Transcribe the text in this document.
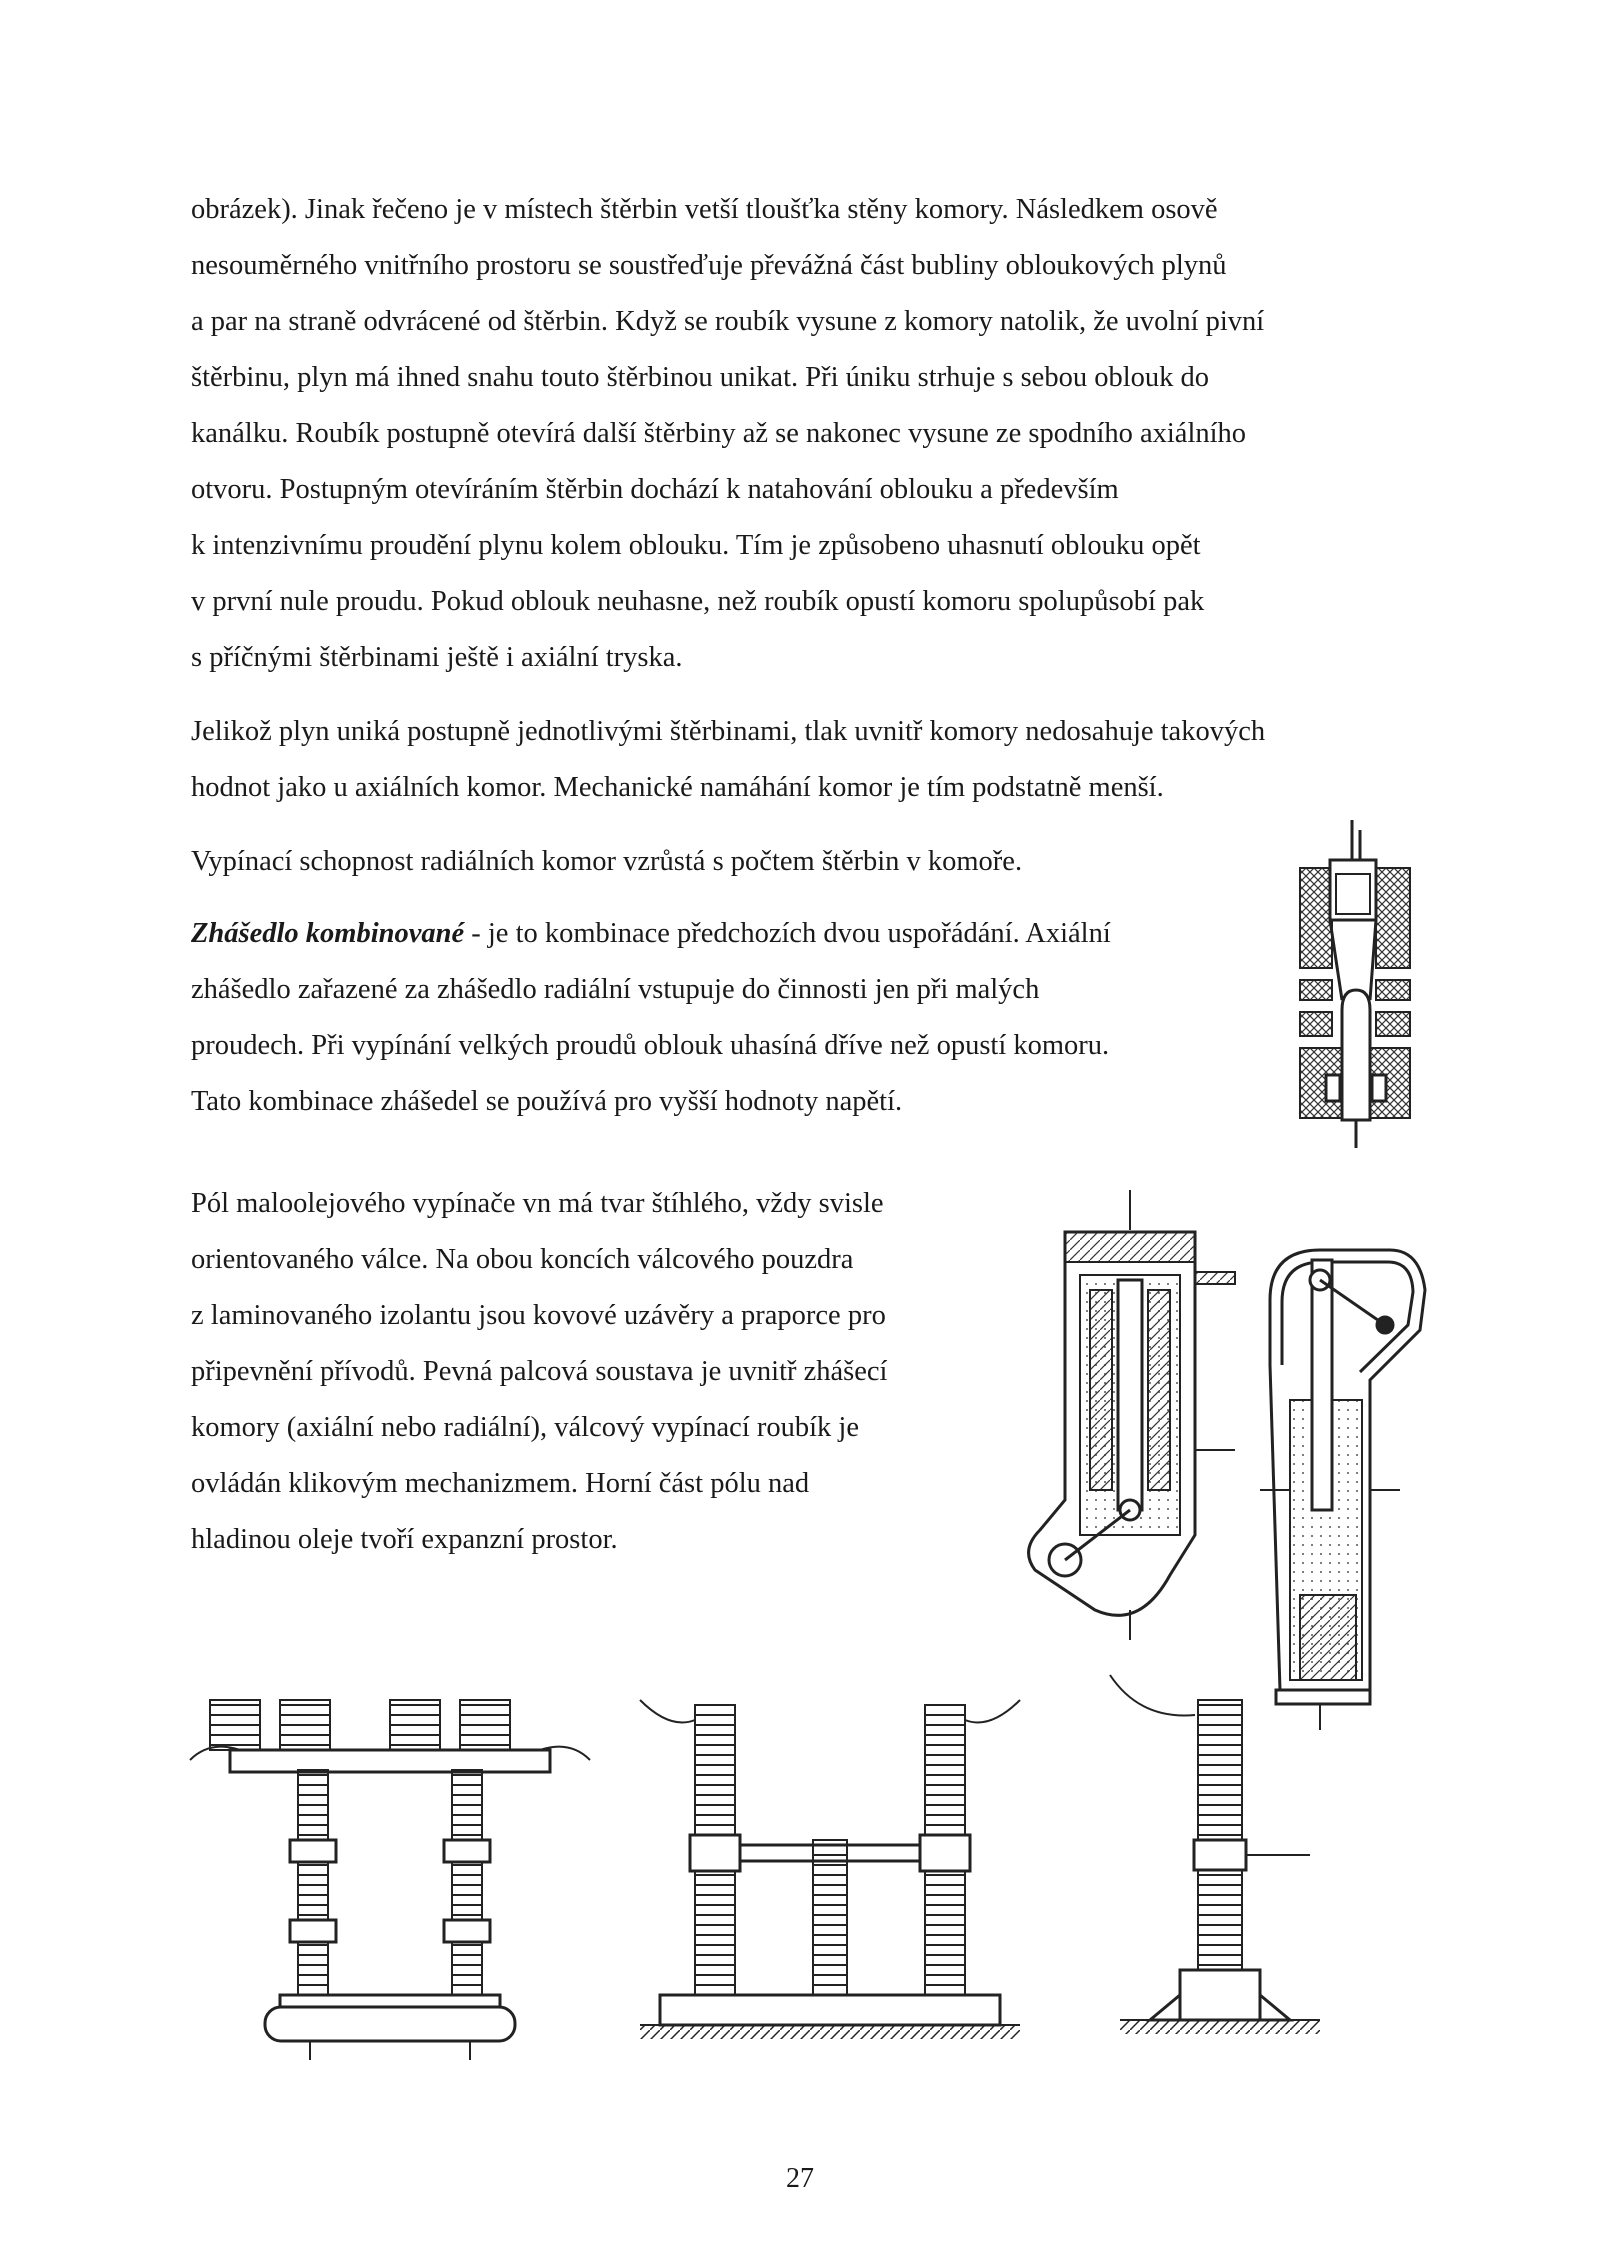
obrázek). Jinak řečeno je v místech štěrbin vetší tloušťka stěny komory. Následkem osově
nesouměrného vnitřního prostoru se soustřeďuje převážná část bubliny obloukových plynů
a par na straně odvrácené od štěrbin. Když se roubík vysune z komory natolik, že uvolní pivní
štěrbinu, plyn má ihned snahu touto štěrbinou unikat. Při úniku strhuje s sebou oblouk do
kanálku. Roubík postupně otevírá další štěrbiny až se nakonec vysune ze spodního axiálního
otvoru. Postupným otevíráním štěrbin dochází k natahování oblouku a především
k intenzivnímu proudění plynu kolem oblouku. Tím je způsobeno uhasnutí oblouku opět
v první nule proudu. Pokud oblouk neuhasne, než roubík opustí komoru spolupůsobí pak
s příčnými štěrbinami ještě i axiální tryska.
Jelikož plyn uniká postupně jednotlivými štěrbinami, tlak uvnitř komory nedosahuje takových
hodnot jako u axiálních komor. Mechanické namáhání komor je tím podstatně menší.
Vypínací schopnost radiálních komor vzrůstá s počtem štěrbin v komoře.
Zhášedlo kombinované - je to kombinace předchozích dvou uspořádání. Axiální
zhášedlo zařazené za zhášedlo radiální vstupuje do činnosti jen při malých
proudech. Při vypínání velkých proudů oblouk uhasíná dříve než opustí komoru.
Tato kombinace zhášedel se používá pro vyšší hodnoty napětí.
Pól maloolejového vypínače vn má tvar štíhlého, vždy svisle
orientovaného válce. Na obou koncích válcového pouzdra
z laminovaného izolantu jsou kovové uzávěry a praporce pro
připevnění přívodů. Pevná palcová soustava je uvnitř zhášecí
komory (axiální nebo radiální), válcový vypínací roubík je
ovládán klikovým mechanizmem. Horní část pólu nad
hladinou oleje tvoří expanzní prostor.
27
